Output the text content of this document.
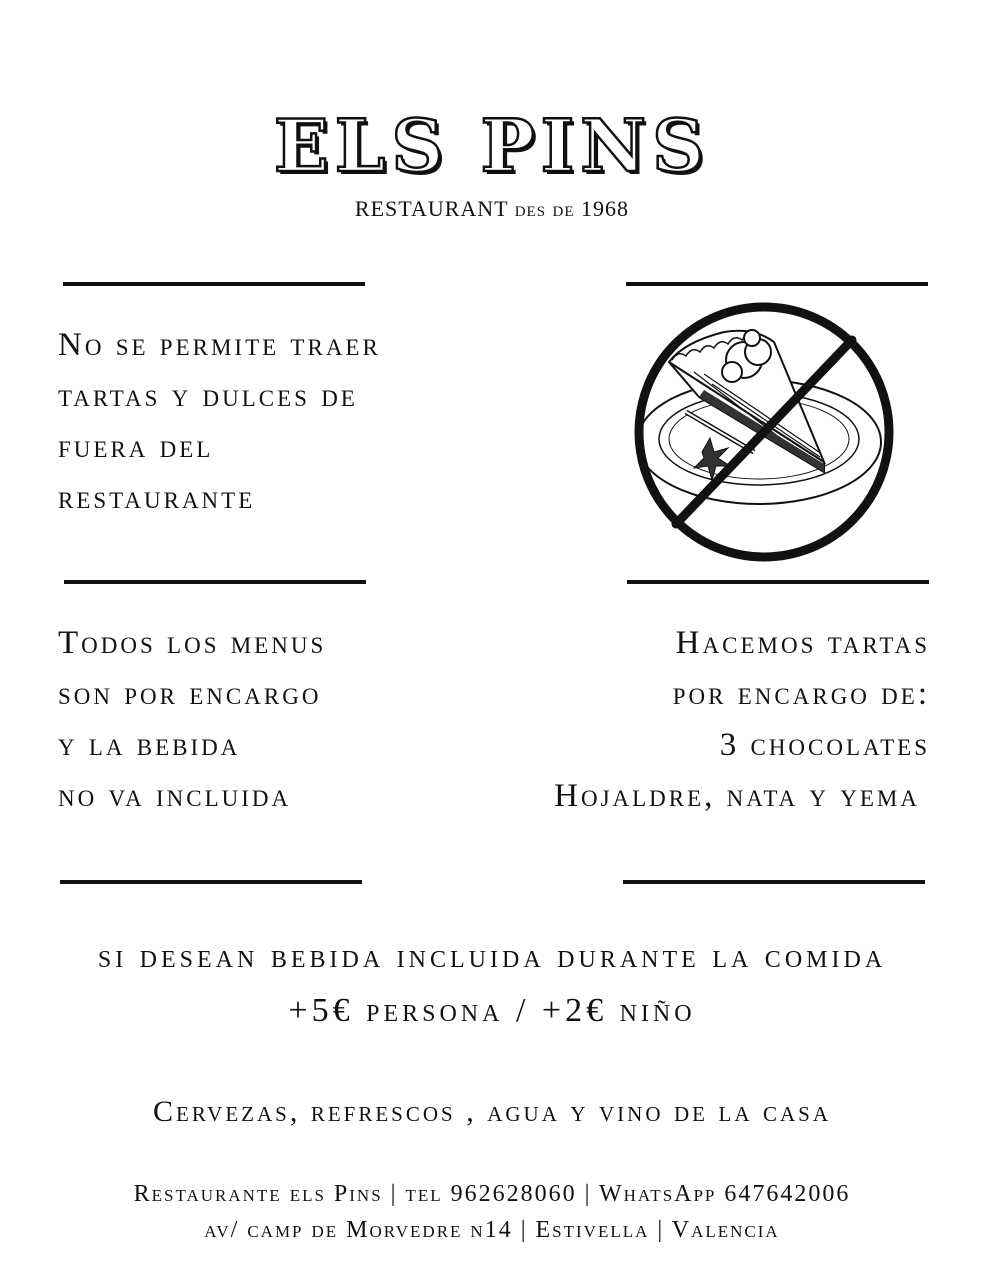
ELS PINS
RESTAURANT des de 1968
No se permite traer
tartas y dulces de
fuera del
restaurante
Todos los menus
son por encargo
y la bebida
no va incluida
Hacemos tartas
por encargo de:
3 chocolates
Hojaldre, nata y yema
si desean bebida incluida durante la comida
+5€ persona / +2€ niño
Cervezas, refrescos , agua y vino de la casa
Restaurante els Pins | tel 962628060 | WhatsApp 647642006
av/ camp de Morvedre n14 | Estivella | Valencia
